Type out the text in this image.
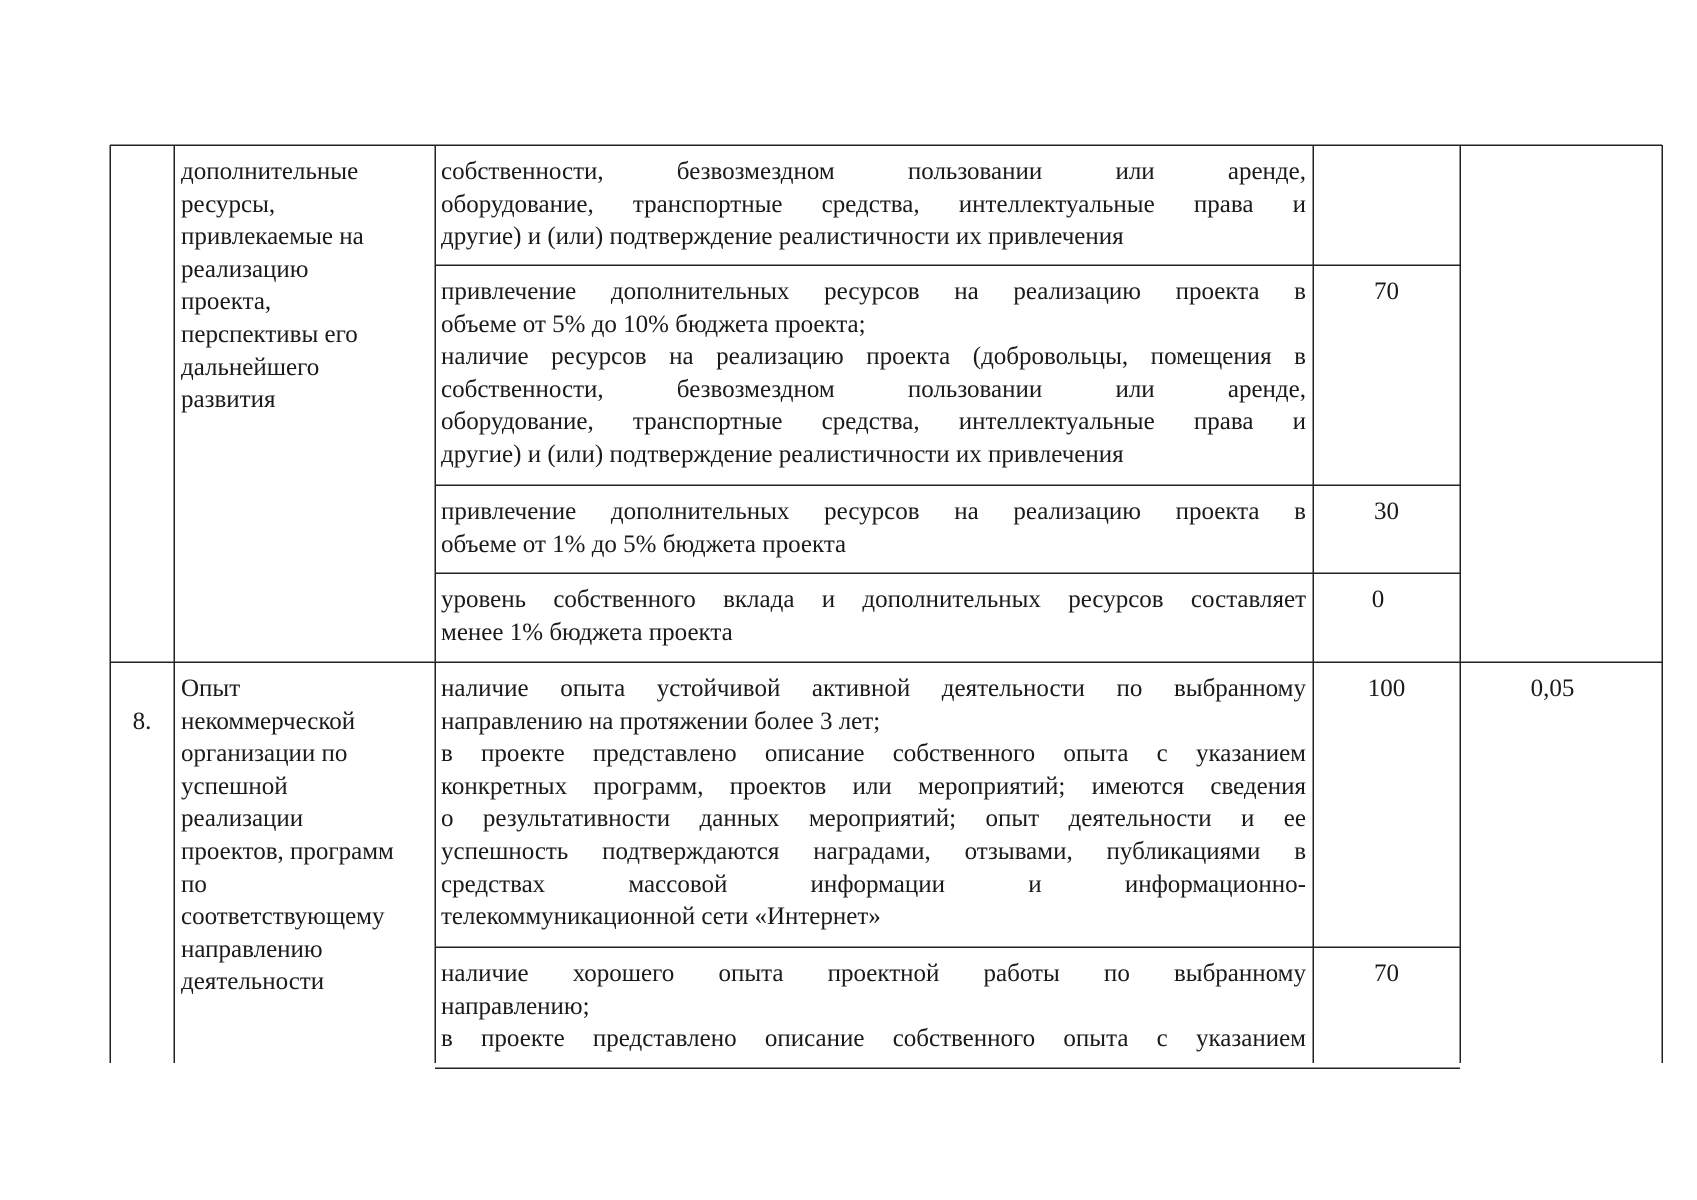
дополнительные
ресурсы,
привлекаемые на
реализацию
проекта,
перспективы его
дальнейшего
развития
собственности, безвозмездном пользовании или аренде,
оборудование, транспортные средства, интеллектуальные права и
другие) и (или) подтверждение реалистичности их привлечения
привлечение дополнительных ресурсов на реализацию проекта в
объеме от 5% до 10% бюджета проекта;
наличие ресурсов на реализацию проекта (добровольцы, помещения в
собственности, безвозмездном пользовании или аренде,
оборудование, транспортные средства, интеллектуальные права и
другие) и (или) подтверждение реалистичности их привлечения
70
привлечение дополнительных ресурсов на реализацию проекта в
объеме от 1% до 5% бюджета проекта
30
уровень собственного вклада и дополнительных ресурсов составляет
менее 1% бюджета проекта
0
8.
Опыт
некоммерческой
организации по
успешной
реализации
проектов, программ
по
соответствующему
направлению
деятельности
наличие опыта устойчивой активной деятельности по выбранному
направлению на протяжении более 3 лет;
в проекте представлено описание собственного опыта с указанием
конкретных программ, проектов или мероприятий; имеются сведения
о результативности данных мероприятий; опыт деятельности и ее
успешность подтверждаются наградами, отзывами, публикациями в
средствах массовой информации и информационно-
телекоммуникационной сети «Интернет»
100	0,05
наличие хорошего опыта проектной работы по выбранному
направлению;
в проекте представлено описание собственного опыта с указанием
70
